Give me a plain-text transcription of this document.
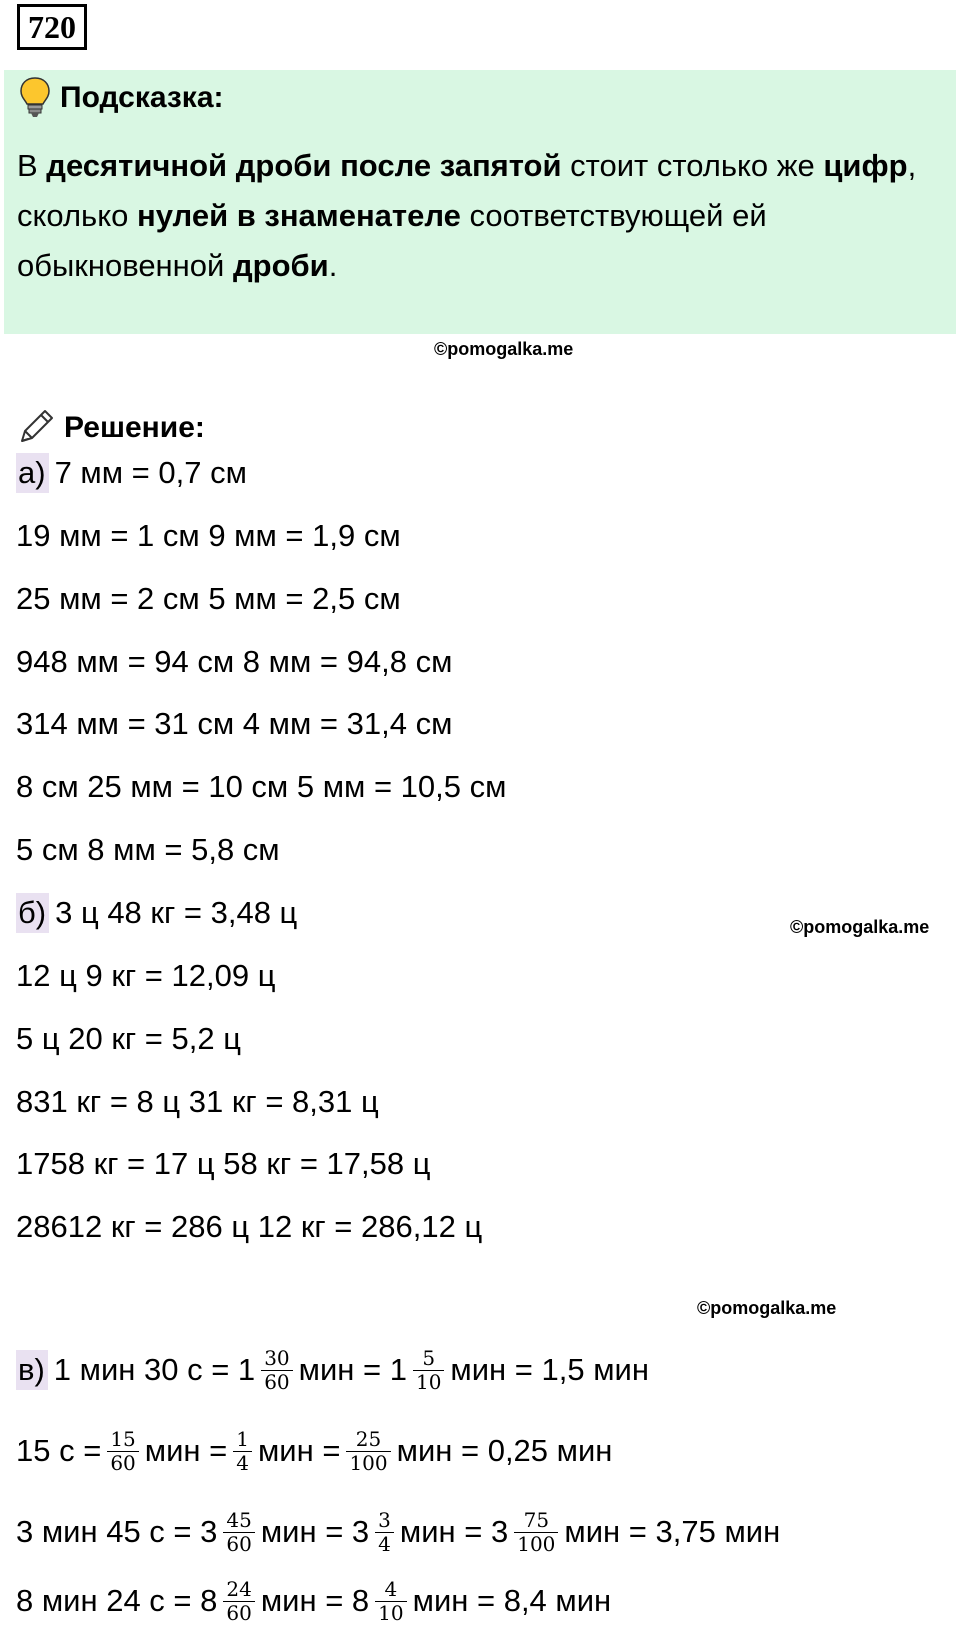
720
Подсказка:
В десятичной дроби после запятой стоит столько же цифр,
сколько нулей в знаменателе соответствующей ей
обыкновенной дроби.
©pomogalka.me
Решение:
а) 7 мм = 0,7 см
19 мм = 1 см 9 мм = 1,9 см
25 мм = 2 см 5 мм = 2,5 см
948 мм = 94 см 8 мм = 94,8 см
314 мм = 31 см 4 мм = 31,4 см
8 см 25 мм = 10 см 5 мм = 10,5 см
5 см 8 мм = 5,8 см
©pomogalka.me
б) 3 ц 48 кг = 3,48 ц
12 ц 9 кг = 12,09 ц
5 ц 20 кг = 5,2 ц
831 кг = 8 ц 31 кг = 8,31 ц
1758 кг = 17 ц 58 кг = 17,58 ц
28612 кг = 286 ц 12 кг = 286,12 ц
©pomogalka.me
в) 1 мин 30 $с = 1 \frac{30}{60}$ мин = $1 \frac{5}{10}$ мин = 1,5 мин
15 $с = \frac{15}{60}$ мин = $\frac{1}{4}$ мин = $\frac{25}{100}$ мин = 0,25 мин
3 мин 45 $с = 3 \frac{45}{60}$ мин = $3 \frac{3}{4}$ мин = $3 \frac{75}{100}$ мин = 3,75 мин
8 мин 24 $с = 8 \frac{24}{60}$ мин = $8 \frac{4}{10}$ мин = 8,4 мин
